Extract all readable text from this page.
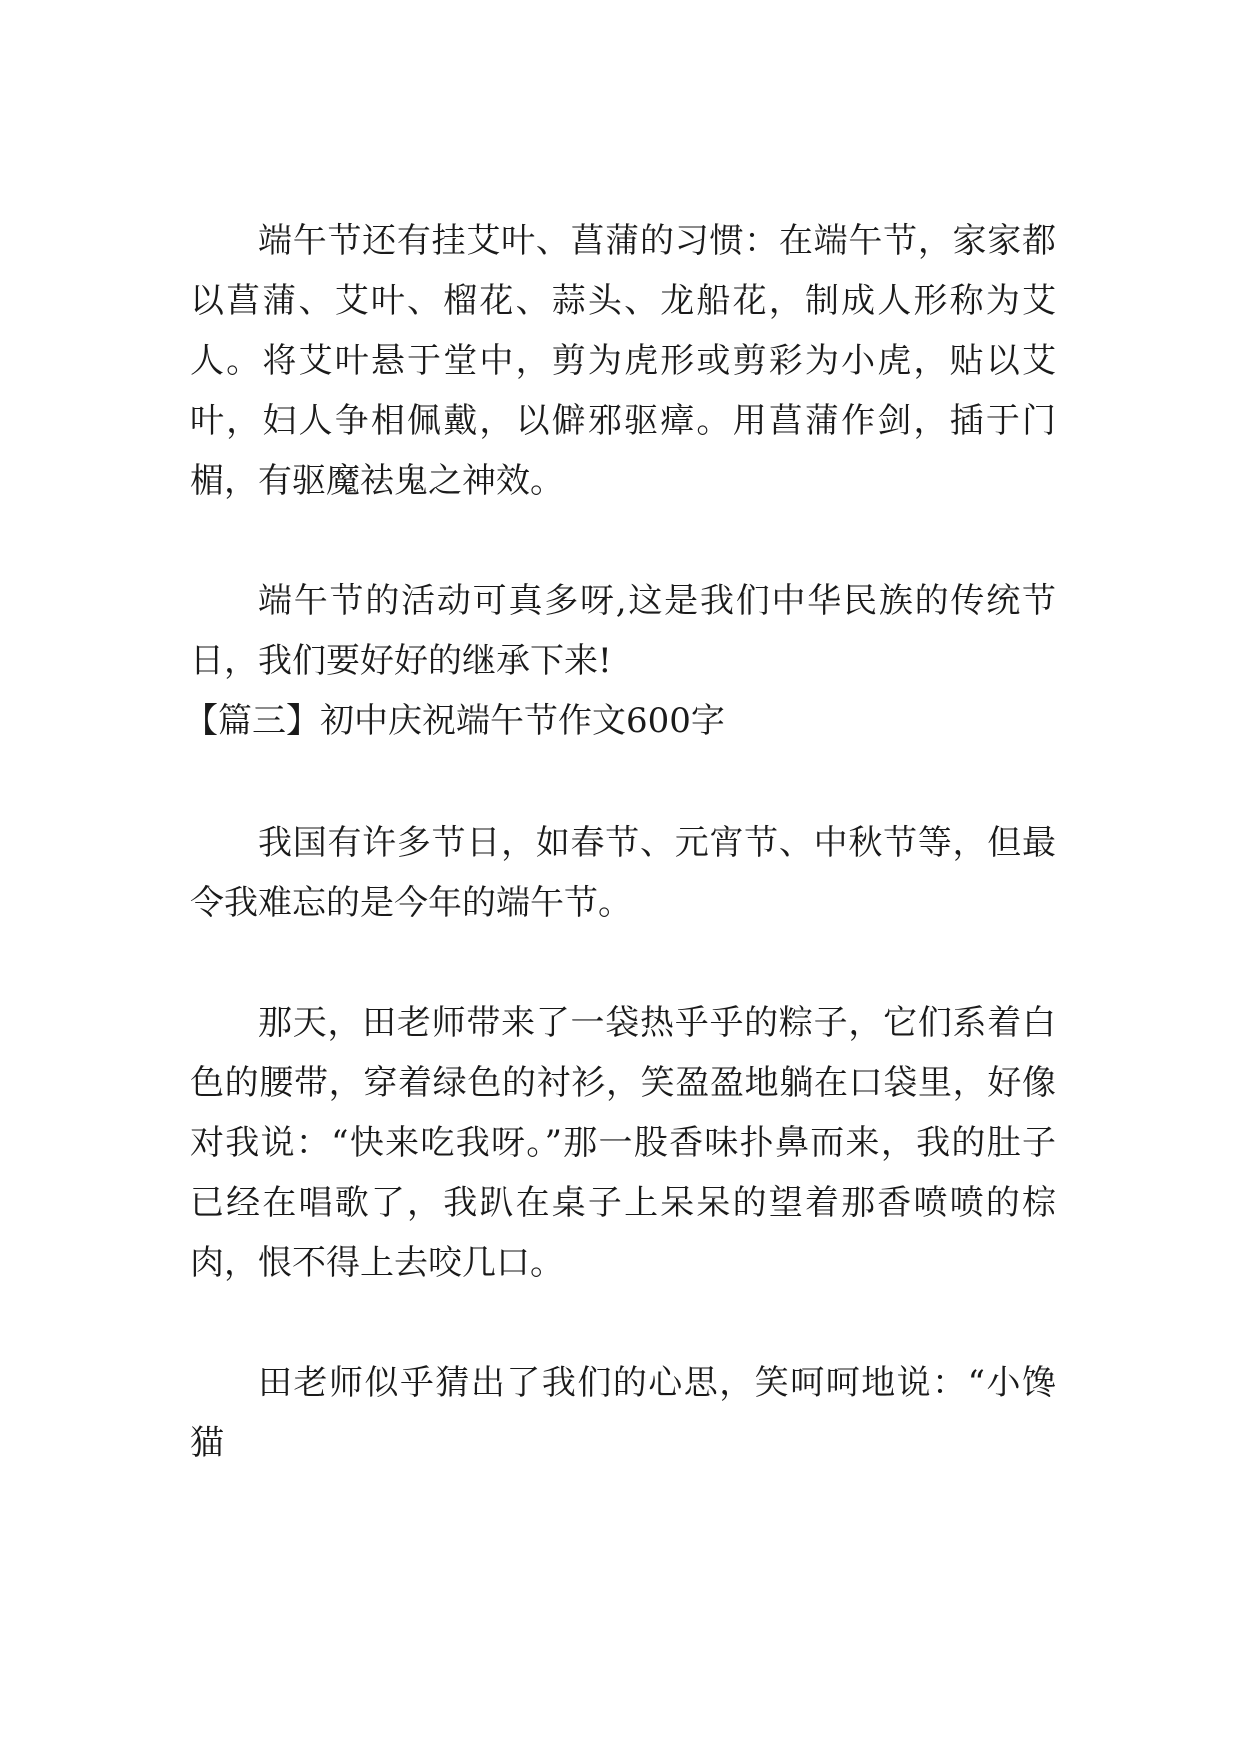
端午节还有挂艾叶、菖蒲的习惯：在端午节，家家都以菖蒲、艾叶、榴花、蒜头、龙船花，制成人形称为艾人。将艾叶悬于堂中，剪为虎形或剪彩为小虎，贴以艾叶，妇人争相佩戴，以僻邪驱瘴。用菖蒲作剑，插于门楣，有驱魔祛鬼之神效。

端午节的活动可真多呀,这是我们中华民族的传统节日，我们要好好的继承下来!

【篇三】初中庆祝端午节作文600字

我国有许多节日，如春节、元宵节、中秋节等，但最令我难忘的是今年的端午节。

那天，田老师带来了一袋热乎乎的粽子，它们系着白色的腰带，穿着绿色的衬衫，笑盈盈地躺在口袋里，好像对我说：“快来吃我呀。”那一股香味扑鼻而来，我的肚子已经在唱歌了，我趴在桌子上呆呆的望着那香喷喷的棕肉，恨不得上去咬几口。

田老师似乎猜出了我们的心思，笑呵呵地说：“小馋猫
